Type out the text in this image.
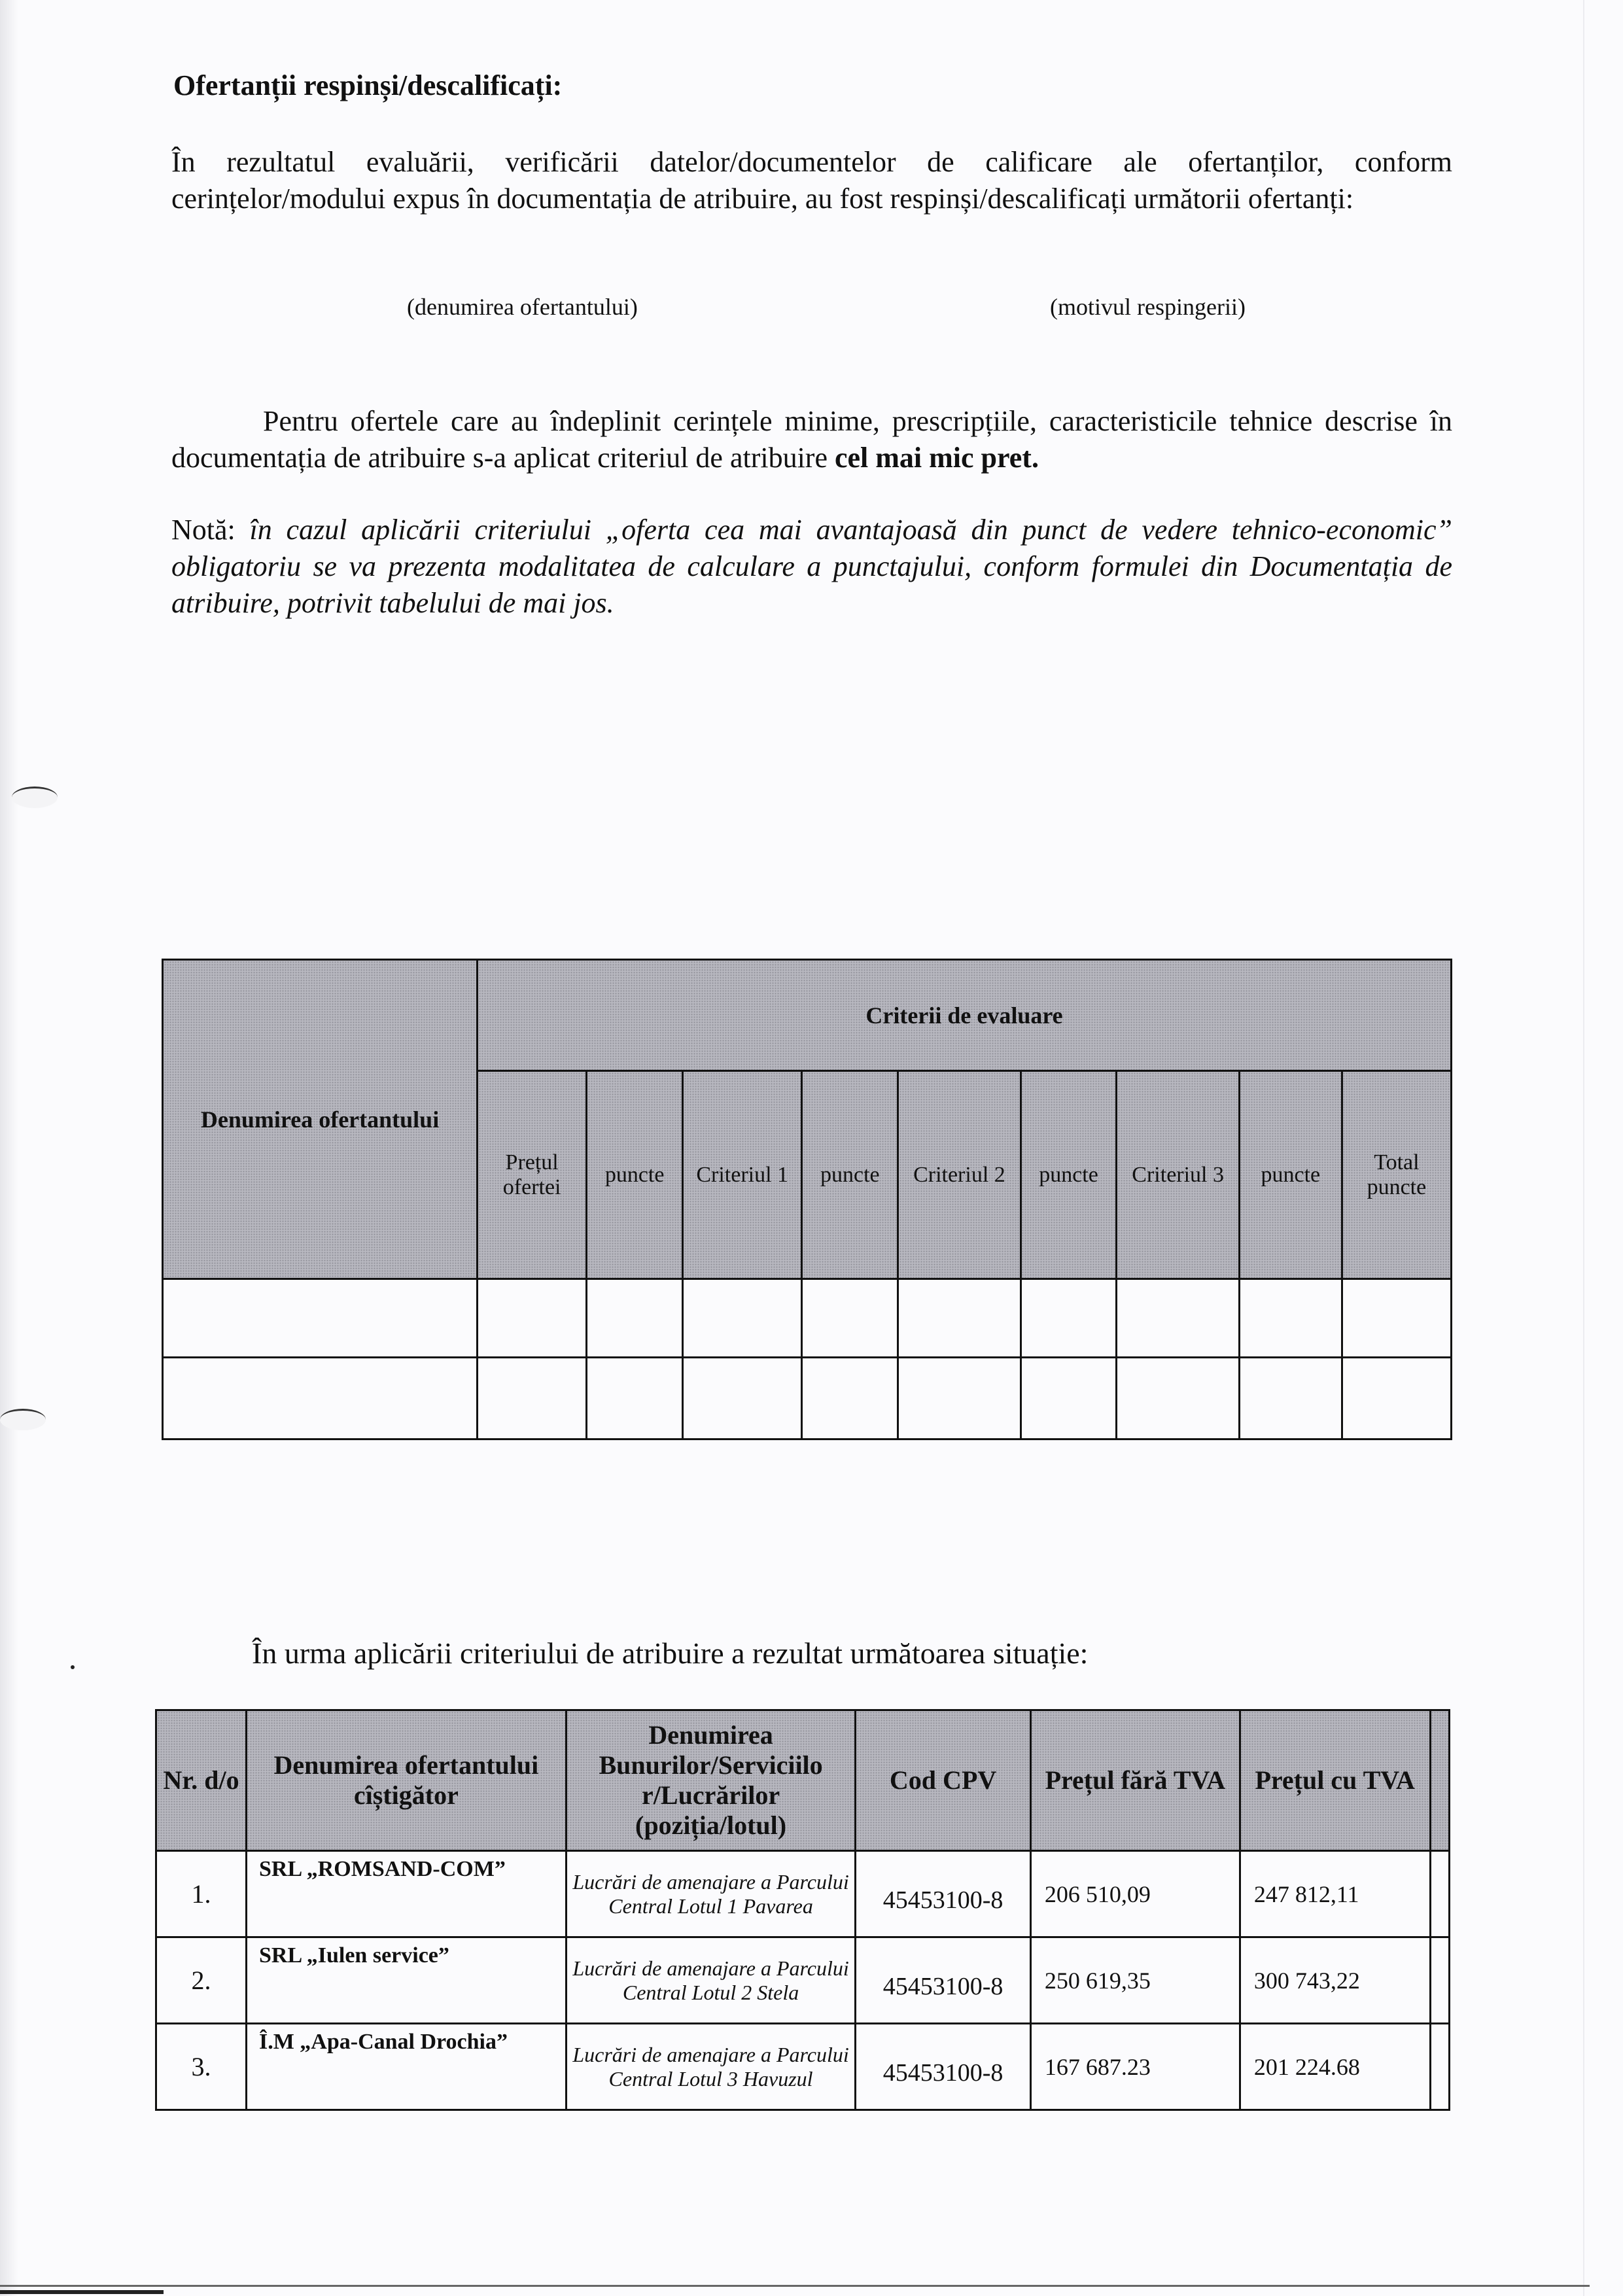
Ofertanții respinși/descalificați:
În rezultatul evaluării, verificării datelor/documentelor de calificare ale ofertanților, conform cerințelor/modului expus în documentația de atribuire, au fost respinși/descalificați următorii ofertanți:
(denumirea ofertantului)	(motivul respingerii)
Pentru ofertele care au îndeplinit cerințele minime, prescripțiile, caracteristicile tehnice descrise în documentația de atribuire s-a aplicat criteriul de atribuire cel mai mic pret.
Notă: în cazul aplicării criteriului „oferta cea mai avantajoasă din punct de vedere tehnico-economic” obligatoriu se va prezenta modalitatea de calculare a punctajului, conform formulei din Documentația de atribuire, potrivit tabelului de mai jos.
Denumirea ofertantului	Criterii de evaluare								
	Prețul ofertei	puncte	Criteriul 1	puncte	Criteriul 2	puncte	Criteriul 3	puncte	Total puncte

În urma aplicării criteriului de atribuire a rezultat următoarea situație:
Nr. d/o	Denumirea ofertantului cîștigător	Denumirea
Bunurilor/Serviciilo
r/Lucrărilor
(poziția/lotul)	Cod CPV	Prețul fără TVA	Prețul cu TVA	
1.	SRL „ROMSAND-COM”	Lucrări de amenajare a Parcului Central Lotul 1 Pavarea	45453100-8	206 510,09	247 812,11	
2.	SRL „Iulen service”	Lucrări de amenajare a Parcului Central Lotul 2 Stela	45453100-8	250 619,35	300 743,22	
3.	Î.M „Apa-Canal Drochia”	Lucrări de amenajare a Parcului Central Lotul 3 Havuzul	45453100-8	167 687.23	201 224.68	
